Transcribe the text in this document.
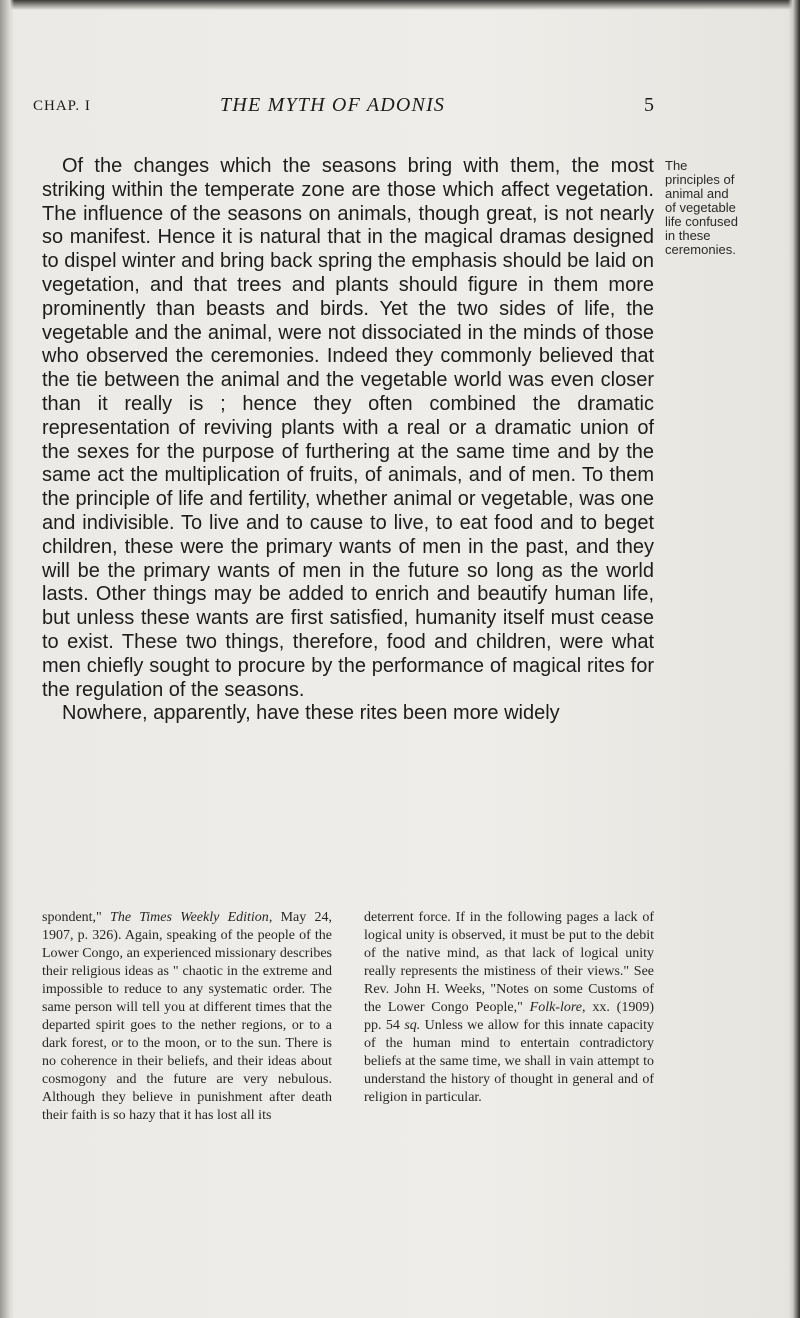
CHAP. I	THE MYTH OF ADONIS	5

Of the changes which the seasons bring with them, the most striking within the temperate zone are those which affect vegetation. The influence of the seasons on animals, though great, is not nearly so manifest. Hence it is natural that in the magical dramas designed to dispel winter and bring back spring the emphasis should be laid on vegetation, and that trees and plants should figure in them more prominently than beasts and birds. Yet the two sides of life, the vegetable and the animal, were not dissociated in the minds of those who observed the ceremonies. Indeed they commonly believed that the tie between the animal and the vegetable world was even closer than it really is ; hence they often combined the dramatic representation of reviving plants with a real or a dramatic union of the sexes for the purpose of furthering at the same time and by the same act the multiplication of fruits, of animals, and of men. To them the principle of life and fertility, whether animal or vegetable, was one and indivisible. To live and to cause to live, to eat food and to beget children, these were the primary wants of men in the past, and they will be the primary wants of men in the future so long as the world lasts. Other things may be added to enrich and beautify human life, but unless these wants are first satisfied, humanity itself must cease to exist. These two things, therefore, food and children, were what men chiefly sought to procure by the performance of magical rites for the regulation of the seasons.

Nowhere, apparently, have these rites been more widely

The principles of animal and of vegetable life confused in these ceremonies.

spondent," The Times Weekly Edition, May 24, 1907, p. 326). Again, speaking of the people of the Lower Congo, an experienced missionary describes their religious ideas as " chaotic in the extreme and impossible to reduce to any systematic order. The same person will tell you at different times that the departed spirit goes to the nether regions, or to a dark forest, or to the moon, or to the sun. There is no coherence in their beliefs, and their ideas about cosmogony and the future are very nebulous. Although they believe in punishment after death their faith is so hazy that it has lost all its

deterrent force. If in the following pages a lack of logical unity is observed, it must be put to the debit of the native mind, as that lack of logical unity really represents the mistiness of their views." See Rev. John H. Weeks, "Notes on some Customs of the Lower Congo People," Folk-lore, xx. (1909) pp. 54 sq. Unless we allow for this innate capacity of the human mind to entertain contradictory beliefs at the same time, we shall in vain attempt to understand the history of thought in general and of religion in particular.
